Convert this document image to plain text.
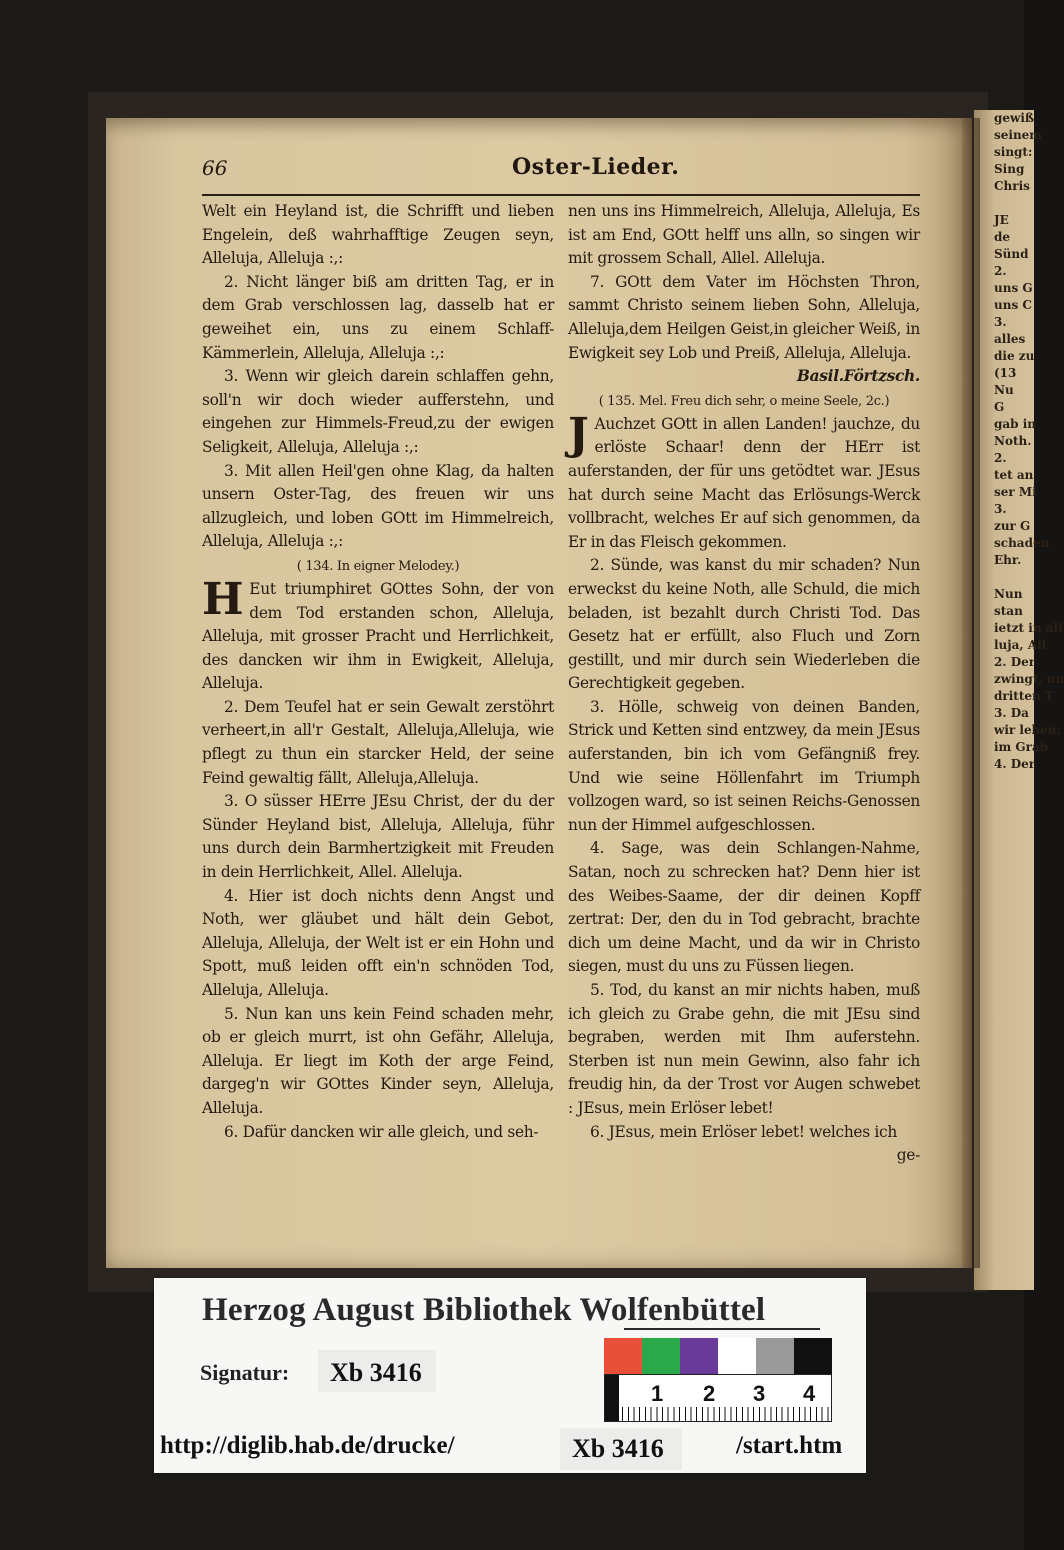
gewiß
seinem
singt:
Sing
Chris

JE
de
Sünd
2.
uns G
uns C
3.
alles
die zu
(13
Nu
G
gab in
Noth.
2.
tet an
ser Mi
3.
zur G
schaden
Ehr.

Nun
stan
ietzt in all
luja, All
2. Der
zwingt, un
dritten T
3. Da
wir leben:
im Grab
4. Der
66	Oster-Lieder.

Welt ein Heyland ist, die Schrifft und lieben Engelein, deß wahrhafftige Zeugen seyn, Alleluja, Alleluja :,:

2. Nicht länger biß am dritten Tag, er in dem Grab verschlossen lag, dasselb hat er geweihet ein, uns zu einem Schlaff-Kämmerlein, Alleluja, Alleluja :,:

3. Wenn wir gleich darein schlaffen gehn, soll'n wir doch wieder aufferstehn, und eingehen zur Himmels-Freud,zu der ewigen Seligkeit, Alleluja, Alleluja :,:

3. Mit allen Heil'gen ohne Klag, da halten unsern Oster-Tag, des freuen wir uns allzugleich, und loben GOtt im Himmelreich, Alleluja, Alleluja :,:

( 134. In eigner Melodey.)

H Eut triumphiret GOttes Sohn, der von dem Tod erstanden schon, Alleluja, Alleluja, mit grosser Pracht und Herrlichkeit, des dancken wir ihm in Ewigkeit, Alleluja, Alleluja.

2. Dem Teufel hat er sein Gewalt zerstöhrt verheert,in all'r Gestalt, Alleluja,Alleluja, wie pflegt zu thun ein starcker Held, der seine Feind gewaltig fällt, Alleluja,Alleluja.

3. O süsser HErre JEsu Christ, der du der Sünder Heyland bist, Alleluja, Alleluja, führ uns durch dein Barmhertzigkeit mit Freuden in dein Herrlichkeit, Allel. Alleluja.

4. Hier ist doch nichts denn Angst und Noth, wer gläubet und hält dein Gebot, Alleluja, Alleluja, der Welt ist er ein Hohn und Spott, muß leiden offt ein'n schnöden Tod, Alleluja, Alleluja.

5. Nun kan uns kein Feind schaden mehr, ob er gleich murrt, ist ohn Gefähr, Alleluja, Alleluja. Er liegt im Koth der arge Feind, dargeg'n wir GOttes Kinder seyn, Alleluja, Alleluja.

6. Dafür dancken wir alle gleich, und seh-

nen uns ins Himmelreich, Alleluja, Alleluja, Es ist am End, GOtt helff uns alln, so singen wir mit grossem Schall, Allel. Alleluja.

7. GOtt dem Vater im Höchsten Thron, sammt Christo seinem lieben Sohn, Alleluja, Alleluja,dem Heilgen Geist,in gleicher Weiß, in Ewigkeit sey Lob und Preiß, Alleluja, Alleluja.

Basil.Förtzsch.

( 135. Mel. Freu dich sehr, o meine Seele, 2c.)

J Auchzet GOtt in allen Landen! jauchze, du erlöste Schaar! denn der HErr ist auferstanden, der für uns getödtet war. JEsus hat durch seine Macht das Erlösungs-Werck vollbracht, welches Er auf sich genommen, da Er in das Fleisch gekommen.

2. Sünde, was kanst du mir schaden? Nun erweckst du keine Noth, alle Schuld, die mich beladen, ist bezahlt durch Christi Tod. Das Gesetz hat er erfüllt, also Fluch und Zorn gestillt, und mir durch sein Wiederleben die Gerechtigkeit gegeben.

3. Hölle, schweig von deinen Banden, Strick und Ketten sind entzwey, da mein JEsus auferstanden, bin ich vom Gefängniß frey. Und wie seine Höllenfahrt im Triumph vollzogen ward, so ist seinen Reichs-Genossen nun der Himmel aufgeschlossen.

4. Sage, was dein Schlangen-Nahme, Satan, noch zu schrecken hat? Denn hier ist des Weibes-Saame, der dir deinen Kopff zertrat: Der, den du in Tod gebracht, brachte dich um deine Macht, und da wir in Christo siegen, must du uns zu Füssen liegen.

5. Tod, du kanst an mir nichts haben, muß ich gleich zu Grabe gehn, die mit JEsu sind begraben, werden mit Ihm auferstehn. Sterben ist nun mein Gewinn, also fahr ich freudig hin, da der Trost vor Augen schwebet : JEsus, mein Erlöser lebet!

6. JEsus, mein Erlöser lebet! welches ich

ge-

Herzog August Bibliothek Wolfenbüttel
Signatur: Xb 3416
1 2 3 4
http://diglib.hab.de/drucke/	Xb 3416	/start.htm
